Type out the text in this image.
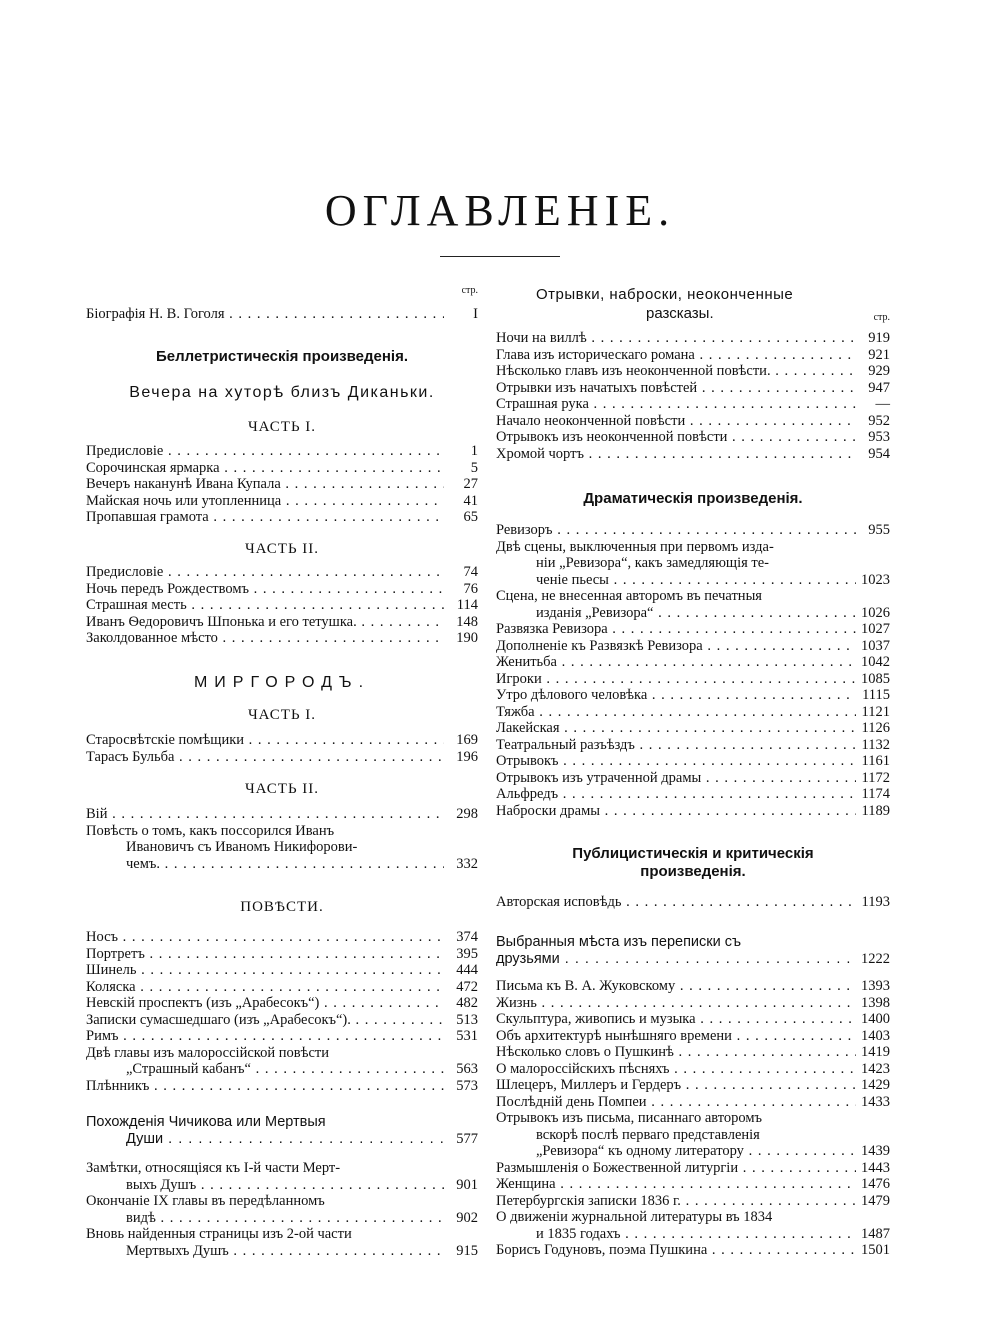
ОГЛАВЛЕНІЕ.
стр.
Біографія Н. В. Гоголя . . .	I
Беллетристическія произведенія.
Вечера на хуторѣ близъ Диканьки.
ЧАСТЬ I.
Предисловіе . . .	1
Сорочинская ярмарка . . .	5
Вечеръ наканунѣ Ивана Купала . . .	27
Майская ночь или утопленница . . .	41
Пропавшая грамота . . .	65
ЧАСТЬ II.
Предисловіе . . .	74
Ночь передъ Рождествомъ . . .	76
Страшная месть . . .	114
Иванъ Ѳедоровичъ Шпонька и его тетушка. . . .	148
Заколдованное мѣсто . . .	190
МИРГОРОДЪ.
ЧАСТЬ I.
Старосвѣтскіе помѣщики . . .	169
Тарасъ Бульба . . .	196
ЧАСТЬ II.
Вій . . .	298
Повѣсть о томъ, какъ поссорился Иванъ
Ивановичъ съ Иваномъ Никифорови-
чемъ. . . .	332
ПОВѢСТИ.
Носъ . . .	374
Портретъ . . .	395
Шинель . . .	444
Коляска . . .	472
Невскій проспектъ (изъ „Арабесокъ“) . . .	482
Записки сумасшедшаго (изъ „Арабесокъ“). . . .	513
Римъ . . .	531
Двѣ главы изъ малороссійской повѣсти
„Страшный кабанъ“ . . .	563
Плѣнникъ . . .	573
Похожденія Чичикова или Мертвыя
Души . . .	577
Замѣтки, относящіяся къ I-й части Мерт-
выхъ Душъ . . .	901
Окончаніе IX главы въ передѣланномъ
видѣ . . .	902
Вновь найденныя страницы изъ 2-ой части
Мертвыхъ Душъ . . .	915
Отрывки, наброски, неоконченные
разсказы.	стр.
Ночи на виллѣ . . .	919
Глава изъ историческаго романа . . .	921
Нѣсколько главъ изъ неоконченной повѣсти. . . .	929
Отрывки изъ начатыхъ повѣстей . . .	947
Страшная рука . . .	—
Начало неоконченной повѣсти . . .	952
Отрывокъ изъ неоконченной повѣсти . . .	953
Хромой чортъ . . .	954
Драматическія произведенія.
Ревизоръ . . .	955
Двѣ сцены, выключенныя при первомъ изда-
ніи „Ревизора“, какъ замедляющія те-
ченіе пьесы . . .	1023
Сцена, не внесенная авторомъ въ печатныя
изданія „Ревизора“ . . .	1026
Развязка Ревизора . . .	1027
Дополненіе къ Развязкѣ Ревизора . . .	1037
Женитьба . . .	1042
Игроки . . .	1085
Утро дѣлового человѣка . . .	1115
Тяжба . . .	1121
Лакейская . . .	1126
Театральный разъѣздъ . . .	1132
Отрывокъ . . .	1161
Отрывокъ изъ утраченной драмы . . .	1172
Альфредъ . . .	1174
Наброски драмы . . .	1189
Публицистическія и критическія
произведенія.
Авторская исповѣдь . . .	1193
Выбранныя мѣста изъ переписки съ
друзьями . . .	1222
Письма къ В. А. Жуковскому . . .	1393
Жизнь . . .	1398
Скульптура, живопись и музыка . . .	1400
Объ архитектурѣ нынѣшняго времени . . .	1403
Нѣсколько словъ о Пушкинѣ . . .	1419
О малороссійскихъ пѣсняхъ . . .	1423
Шлецеръ, Миллеръ и Гердеръ . . .	1429
Послѣдній день Помпеи . . .	1433
Отрывокъ изъ письма, писаннаго авторомъ
вскорѣ послѣ перваго представленія
„Ревизора“ къ одному литератору . . .	1439
Размышленія о Божественной литургіи . . .	1443
Женщина . . .	1476
Петербургскія записки 1836 г. . . .	1479
О движеніи журнальной литературы въ 1834
и 1835 годахъ . . .	1487
Борисъ Годуновъ, поэма Пушкина . . .	1501
